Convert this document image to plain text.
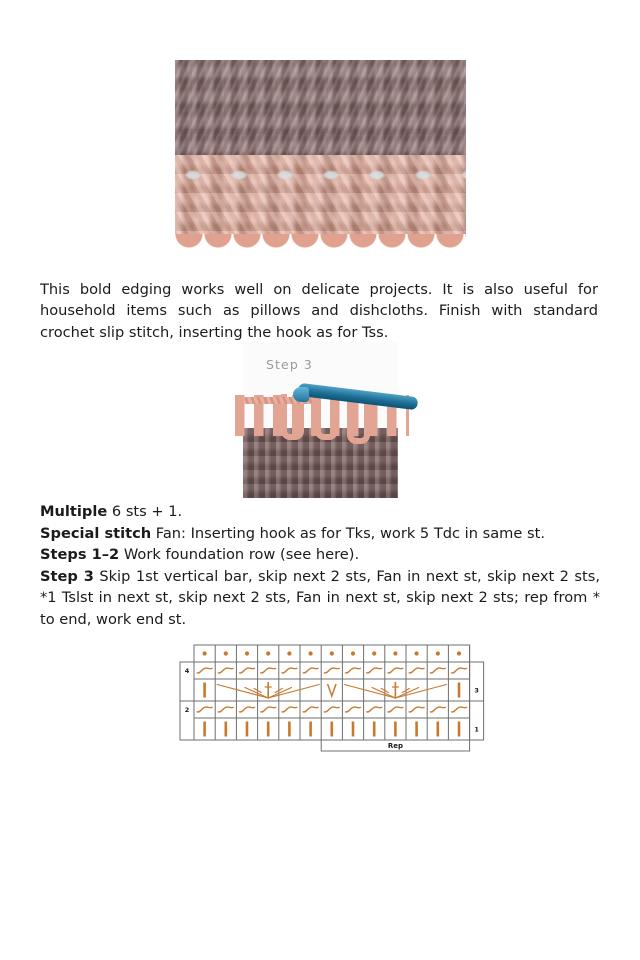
This bold edging works well on delicate projects. It is also useful for household items such as pillows and dishcloths. Finish with standard crochet slip stitch, inserting the hook as for Tss.

Step 3
Multiple 6 sts + 1.
Special stitch Fan: Inserting hook as for Tks, work 5 Tdc in same st.
Steps 1–2 Work foundation row (see here).
Step 3 Skip 1st vertical bar, skip next 2 sts, Fan in next st, skip next 2 sts, *1 Tslst in next st, skip next 2 sts, Fan in next st, skip next 2 sts; rep from * to end, work end st.
4
2
3
1
Rep
